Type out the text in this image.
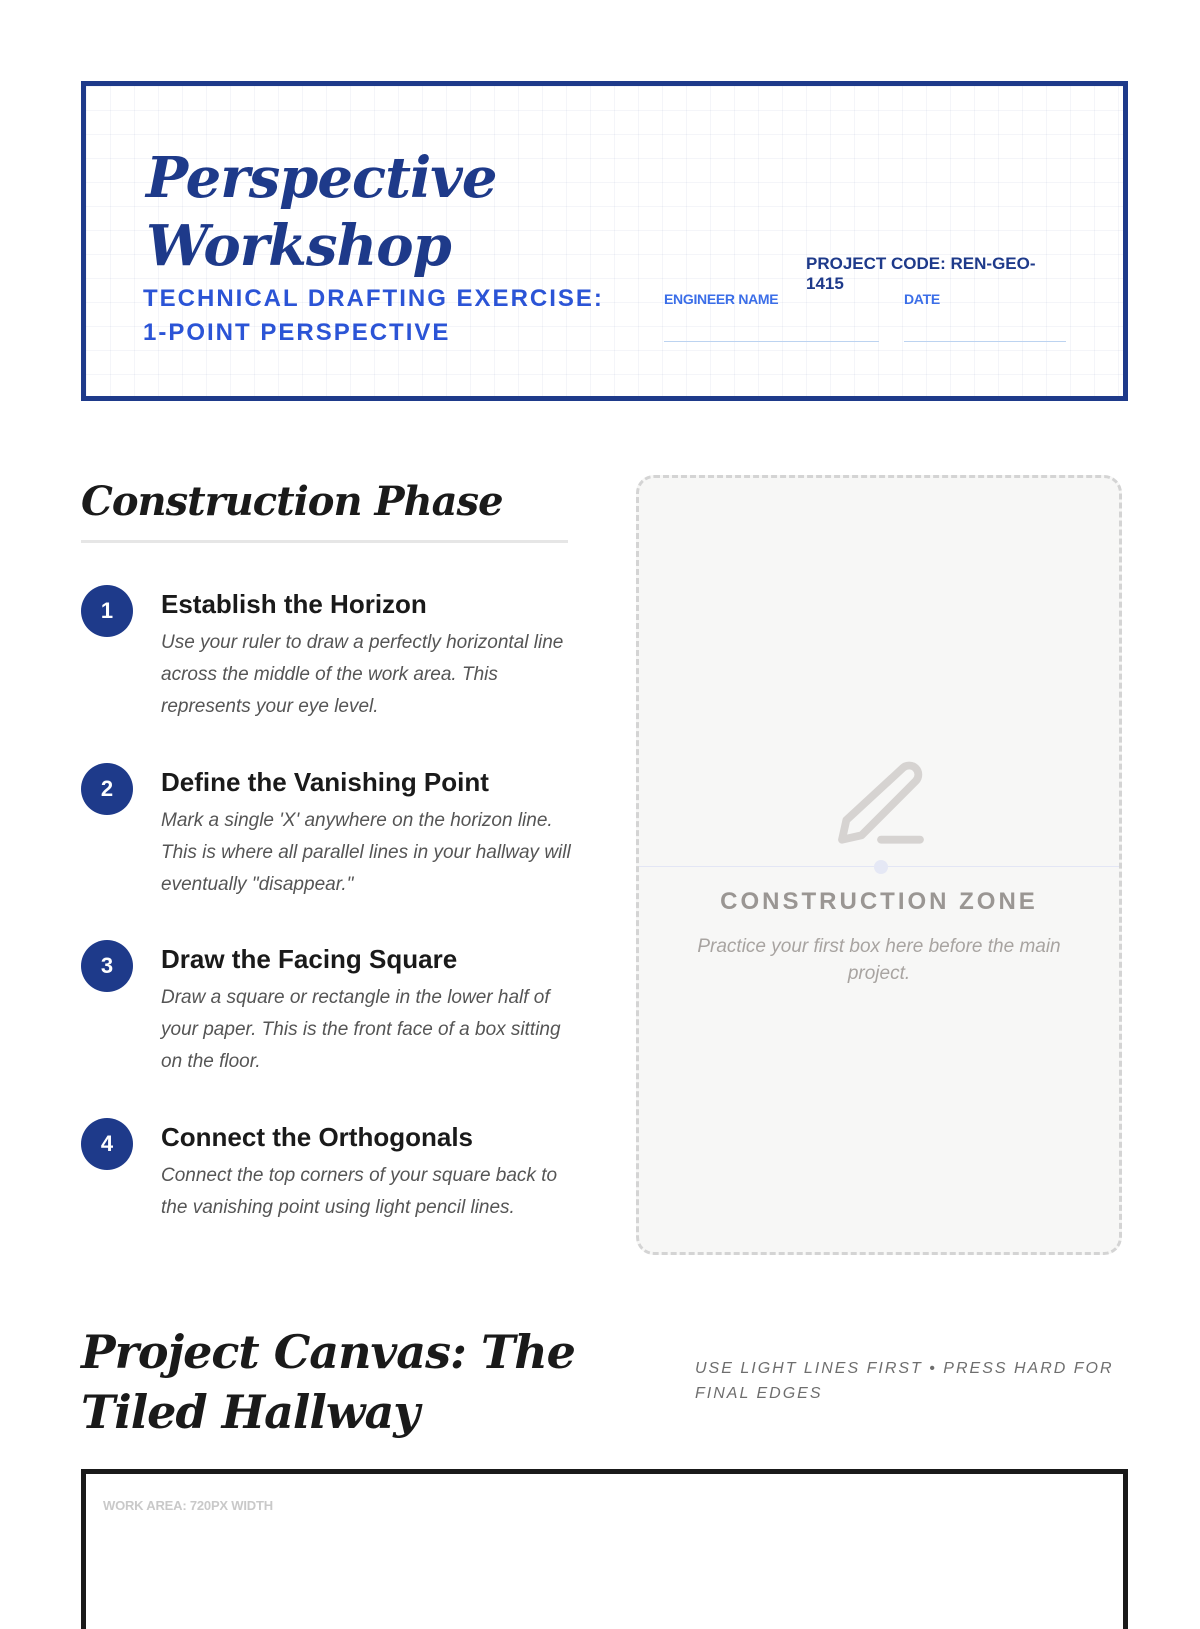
Perspective
Workshop
TECHNICAL DRAFTING EXERCISE: 1-POINT PERSPECTIVE
PROJECT CODE: REN-GEO-1415
ENGINEER NAME	DATE
Construction Phase
1	Establish the Horizon
Use your ruler to draw a perfectly horizontal line across the middle of the work area. This represents your eye level.
2	Define the Vanishing Point
Mark a single 'X' anywhere on the horizon line. This is where all parallel lines in your hallway will eventually "disappear."
3	Draw the Facing Square
Draw a square or rectangle in the lower half of your paper. This is the front face of a box sitting on the floor.
4	Connect the Orthogonals
Connect the top corners of your square back to the vanishing point using light pencil lines.
CONSTRUCTION ZONE
Practice your first box here before the main project.
Project Canvas: The Tiled Hallway
USE LIGHT LINES FIRST • PRESS HARD FOR FINAL EDGES
WORK AREA: 720PX WIDTH
